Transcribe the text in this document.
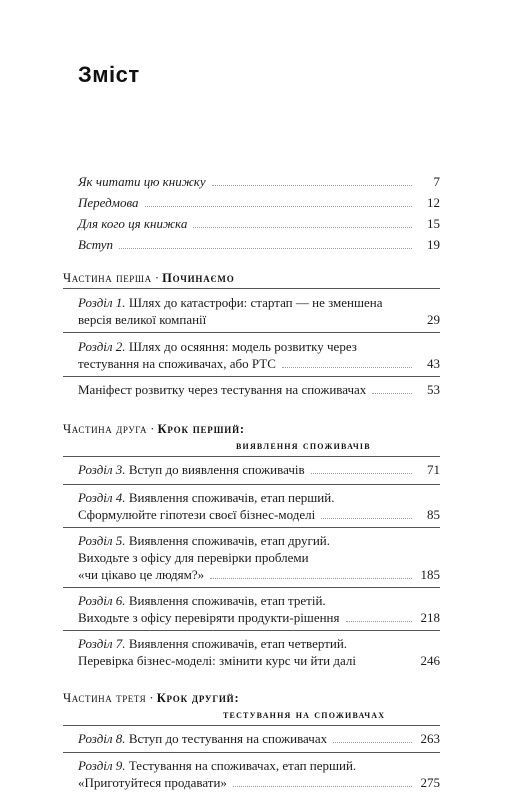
Зміст
Як читати цю книжку	7
Передмова	12
Для кого ця книжка	15
Вступ	19
Частина перша · Починаємо
Розділ 1. Шлях до катастрофи: стартап — не зменшена
версія великої компанії	29
Розділ 2. Шлях до осяяння: модель розвитку через
тестування на споживачах, або РТС	43
Маніфест розвитку через тестування на споживачах	53
Частина друга · Крок перший:
виявлення споживачів
Розділ 3. Вступ до виявлення споживачів	71
Розділ 4. Виявлення споживачів, етап перший.
Сформулюйте гіпотези своєї бізнес-моделі	85
Розділ 5. Виявлення споживачів, етап другий.
Виходьте з офісу для перевірки проблеми
«чи цікаво це людям?»	185
Розділ 6. Виявлення споживачів, етап третій.
Виходьте з офісу перевіряти продукти-рішення	218
Розділ 7. Виявлення споживачів, етап четвертий.
Перевірка бізнес-моделі: змінити курс чи йти далі	246
Частина третя · Крок другий:
тестування на споживачах
Розділ 8. Вступ до тестування на споживачах	263
Розділ 9. Тестування на споживачах, етап перший.
«Приготуйтеся продавати»	275
